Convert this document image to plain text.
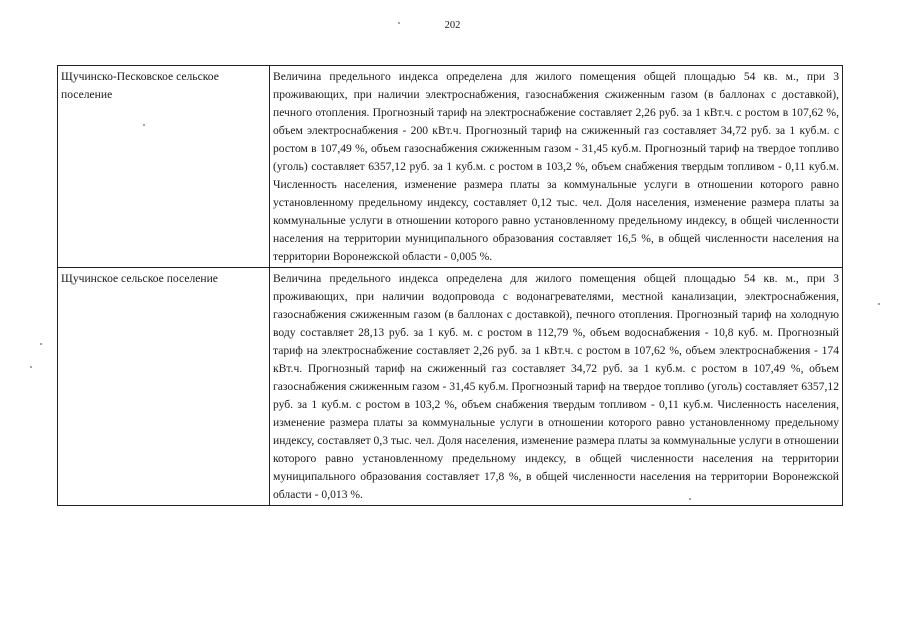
202
Щучинско-Песковское сельское поселение	Величина предельного индекса определена для жилого помещения общей площадью 54 кв. м., при 3 проживающих, при наличии электроснабжения, газоснабжения сжиженным газом (в баллонах с доставкой), печного отопления. Прогнозный тариф на электроснабжение составляет 2,26 руб. за 1 кВт.ч. с ростом в 107,62 %, объем электроснабжения - 200 кВт.ч. Прогнозный тариф на сжиженный газ составляет 34,72 руб. за 1 куб.м. с ростом в 107,49 %, объем газоснабжения сжиженным газом - 31,45 куб.м. Прогнозный тариф на твердое топливо (уголь) составляет 6357,12 руб. за 1 куб.м. с ростом в 103,2 %, объем снабжения твердым топливом - 0,11 куб.м. Численность населения, изменение размера платы за коммунальные услуги в отношении которого равно установленному предельному индексу, составляет 0,12 тыс. чел. Доля населения, изменение размера платы за коммунальные услуги в отношении которого равно установленному предельному индексу, в общей численности населения на территории муниципального образования составляет 16,5 %, в общей численности населения на территории Воронежской области - 0,005 %.
Щучинское сельское поселение	Величина предельного индекса определена для жилого помещения общей площадью 54 кв. м., при 3 проживающих, при наличии водопровода с водонагревателями, местной канализации, электроснабжения, газоснабжения сжиженным газом (в баллонах с доставкой), печного отопления. Прогнозный тариф на холодную воду составляет 28,13 руб. за 1 куб. м. с ростом в 112,79 %, объем водоснабжения - 10,8 куб. м. Прогнозный тариф на электроснабжение составляет 2,26 руб. за 1 кВт.ч. с ростом в 107,62 %, объем электроснабжения - 174 кВт.ч. Прогнозный тариф на сжиженный газ составляет 34,72 руб. за 1 куб.м. с ростом в 107,49 %, объем газоснабжения сжиженным газом - 31,45 куб.м. Прогнозный тариф на твердое топливо (уголь) составляет 6357,12 руб. за 1 куб.м. с ростом в 103,2 %, объем снабжения твердым топливом - 0,11 куб.м. Численность населения, изменение размера платы за коммунальные услуги в отношении которого равно установленному предельному индексу, составляет 0,3 тыс. чел. Доля населения, изменение размера платы за коммунальные услуги в отношении которого равно установленному предельному индексу, в общей численности населения на территории муниципального образования составляет 17,8 %, в общей численности населения на территории Воронежской области - 0,013 %.
